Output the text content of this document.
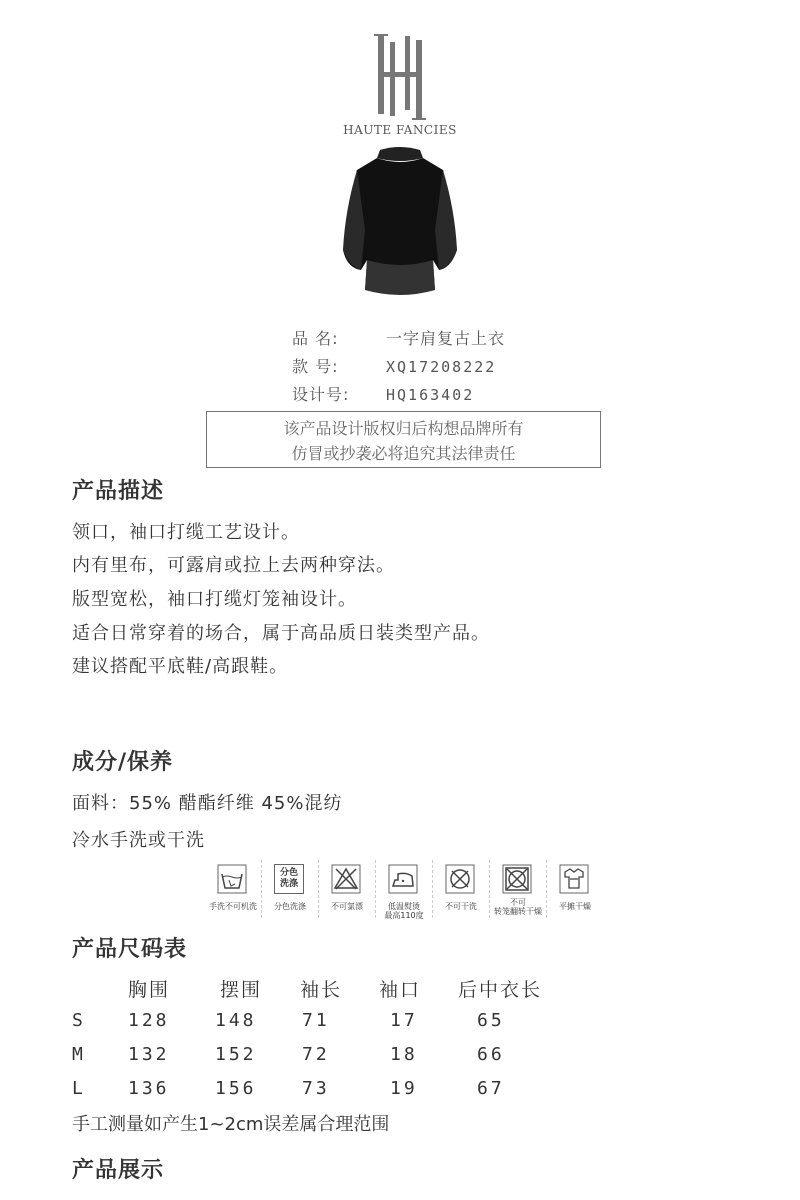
HAUTE FANCIES
品 名:	一字肩复古上衣
款 号:	XQ17208222
设计号: HQ163402
该产品设计版权归后构想品牌所有
仿冒或抄袭必将追究其法律责任
产品描述
领口，袖口打缆工艺设计。
内有里布，可露肩或拉上去两种穿法。
版型宽松，袖口打缆灯笼袖设计。
适合日常穿着的场合，属于高品质日装类型产品。
建议搭配平底鞋/高跟鞋。
成分/保养
面料：55% 醋酯纤维 45%混纺
冷水手洗或干洗
手洗不可机洗
分色
洗涤
分色洗涤	不可氯漂	低温熨烫
最高110度
不可干洗	不可
转笼翻转干燥
平摊干燥
产品尺码表
胸围	摆围 袖长 袖口 后中衣长
S 128	148	71	17	65
M 132	152	72	18	66
L 136	156	73	19	67
手工测量如产生1~2cm误差属合理范围
产品展示
